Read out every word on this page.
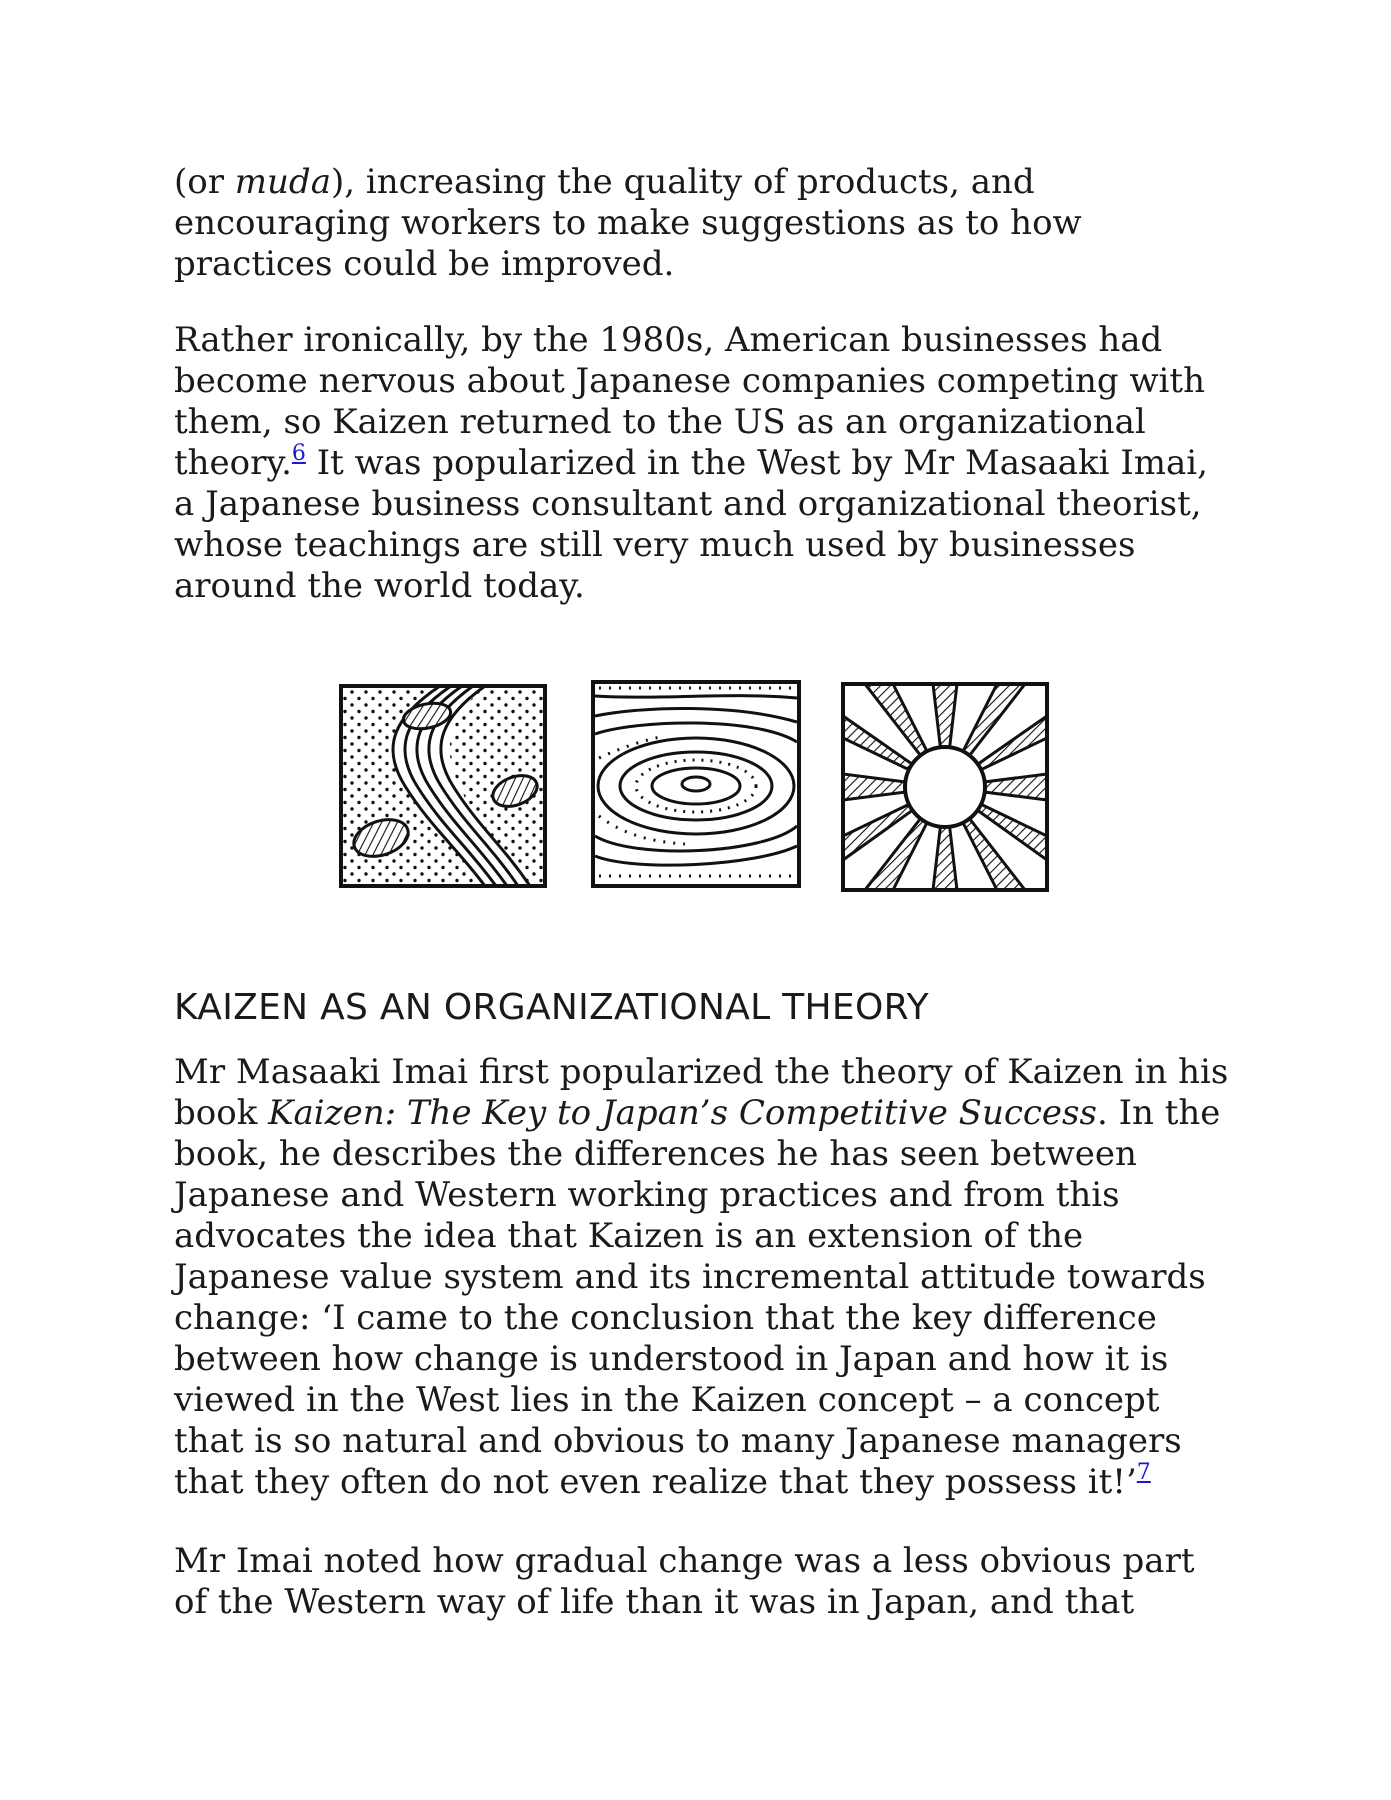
(or muda), increasing the quality of products, and encouraging workers to make suggestions as to how practices could be improved.

Rather ironically, by the 1980s, American businesses had become nervous about Japanese companies competing with them, so Kaizen returned to the US as an organizational theory.$^6$ It was popularized in the West by Mr Masaaki Imai, a Japanese business consultant and organizational theorist, whose teachings are still very much used by businesses around the world today.

KAIZEN AS AN ORGANIZATIONAL THEORY

Mr Masaaki Imai first popularized the theory of Kaizen in his book Kaizen: The Key to Japan’s Competitive Success. In the book, he describes the differences he has seen between Japanese and Western working practices and from this advocates the idea that Kaizen is an extension of the Japanese value system and its incremental attitude towards change: ‘I came to the conclusion that the key difference between how change is understood in Japan and how it is viewed in the West lies in the Kaizen concept – a concept that is so natural and obvious to many Japanese managers that they often do not even realize that they possess it!’$^7$

Mr Imai noted how gradual change was a less obvious part of the Western way of life than it was in Japan, and that
